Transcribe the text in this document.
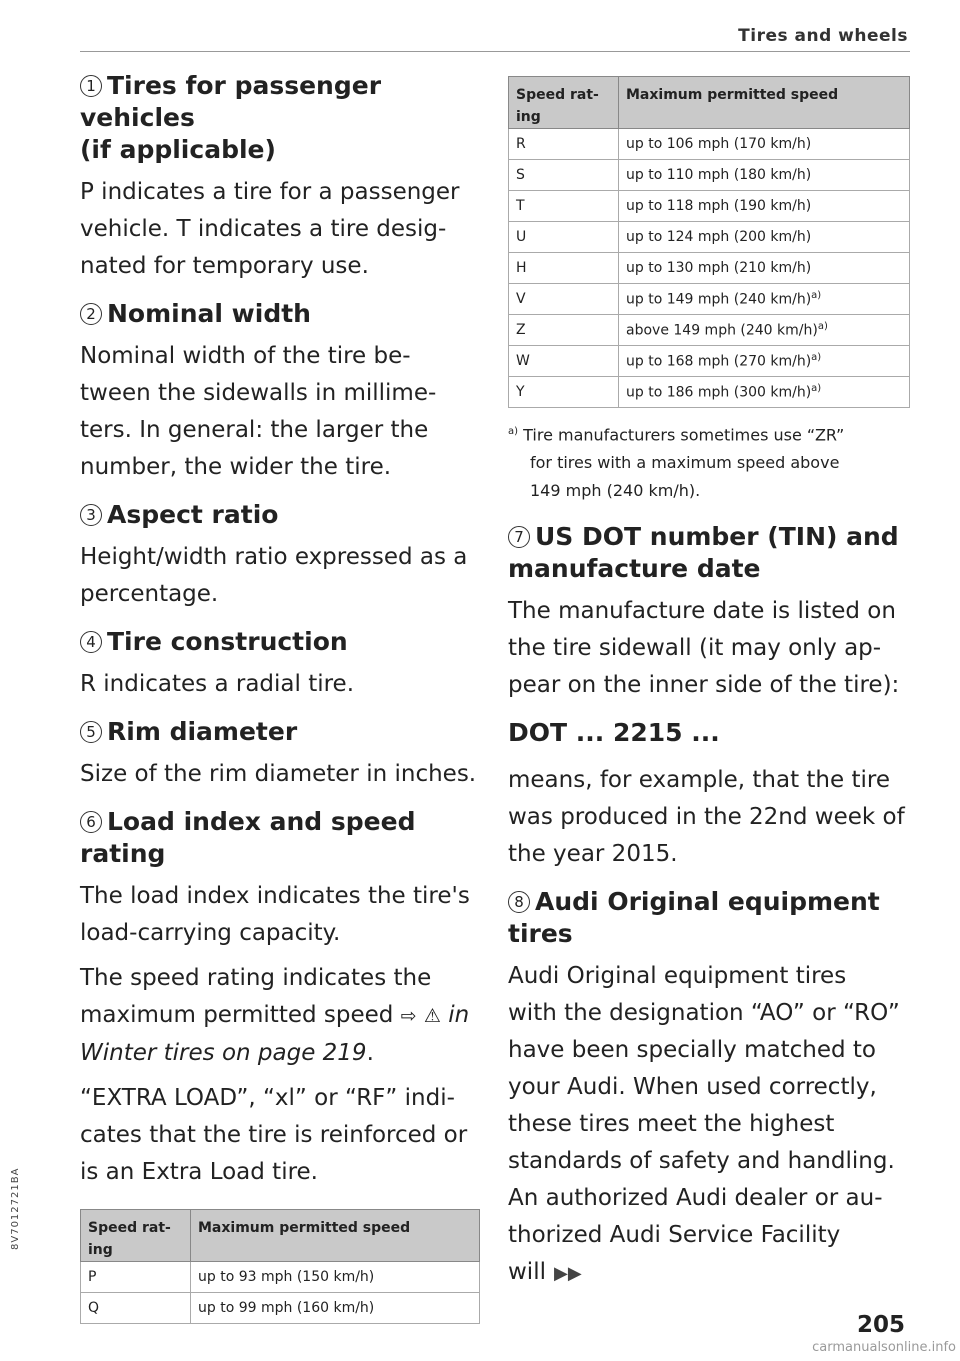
Tires and wheels
8V7012721BA
1 Tires for passenger vehicles
(if applicable)

P indicates a tire for a passenger
vehicle. T indicates a tire desig-
nated for temporary use.

2 Nominal width

Nominal width of the tire be-
tween the sidewalls in millime-
ters. In general: the larger the
number, the wider the tire.

3 Aspect ratio

Height/width ratio expressed as a
percentage.

4 Tire construction

R indicates a radial tire.

5 Rim diameter

Size of the rim diameter in inches.

6 Load index and speed rating

The load index indicates the tire's
load-carrying capacity.

The speed rating indicates the
maximum permitted speed ⇨ ⚠ in
Winter tires on page 219.

“EXTRA LOAD”, “xl” or “RF” indi-
cates that the tire is reinforced or
is an Extra Load tire.

Speed rat-
ing	Maximum permitted speed
P	up to 93 mph (150 km/h)
Q	up to 99 mph (160 km/h)
Speed rat-
ing	Maximum permitted speed
R	up to 106 mph (170 km/h)
S	up to 110 mph (180 km/h)
T	up to 118 mph (190 km/h)
U	up to 124 mph (200 km/h)
H	up to 130 mph (210 km/h)
V	up to 149 mph (240 km/h)$^{a)}$
Z	above 149 mph (240 km/h)$^{a)}$
W	up to 168 mph (270 km/h)$^{a)}$
Y	up to 186 mph (300 km/h)$^{a)}$
$^{a)}$ Tire manufacturers sometimes use “ZR”
for tires with a maximum speed above
149 mph (240 km/h).
7 US DOT number (TIN) and
manufacture date

The manufacture date is listed on
the tire sidewall (it may only ap-
pear on the inner side of the tire):

DOT ... 2215 ...

means, for example, that the tire
was produced in the 22nd week of
the year 2015.

8 Audi Original equipment
tires

Audi Original equipment tires
with the designation “AO” or “RO”
have been specially matched to
your Audi. When used correctly,
these tires meet the highest
standards of safety and handling.
An authorized Audi dealer or au-
thorized Audi Service Facility will ▶▶

205
carmanualsonline.info
